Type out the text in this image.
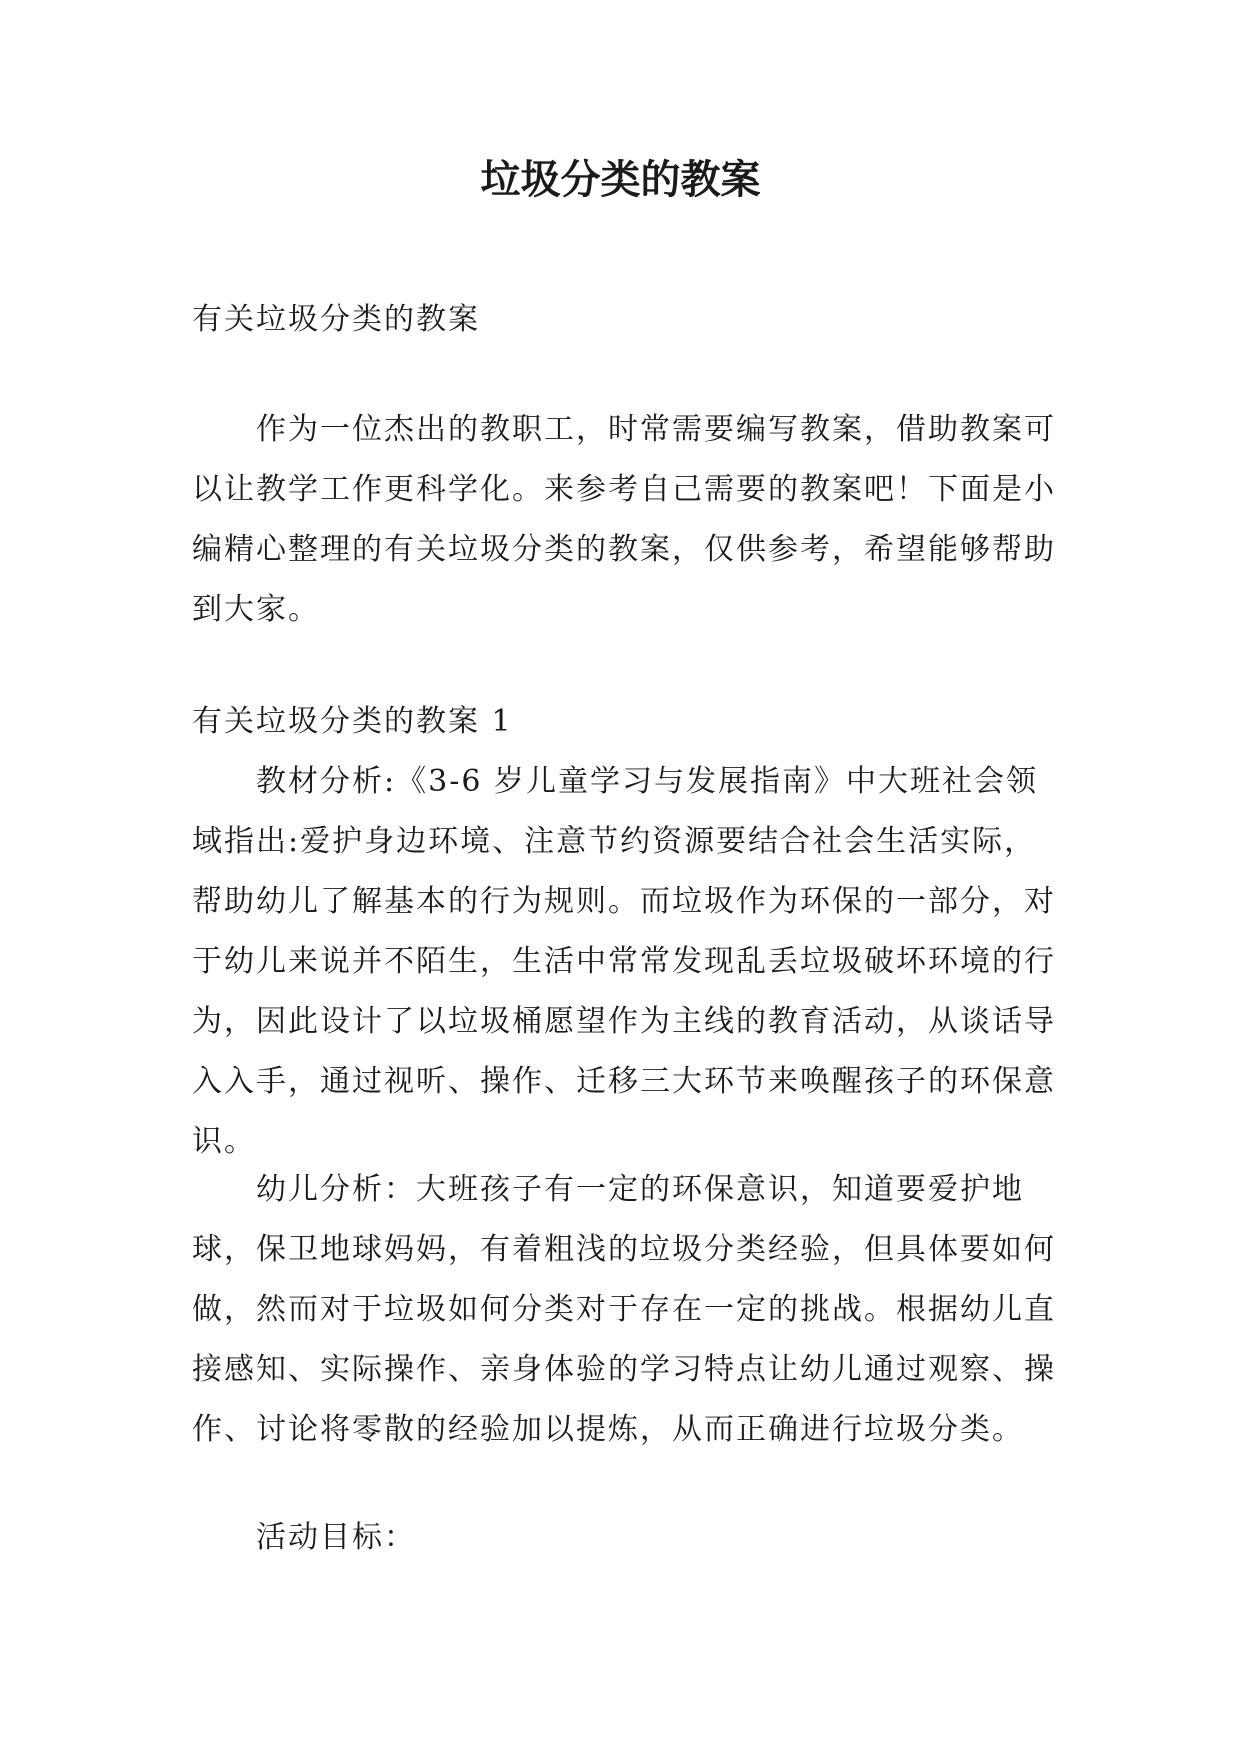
垃圾分类的教案

有关垃圾分类的教案

作为一位杰出的教职工，时常需要编写教案，借助教案可以让教学工作更科学化。来参考自己需要的教案吧！下面是小编精心整理的有关垃圾分类的教案，仅供参考，希望能够帮助到大家。

有关垃圾分类的教案 1

教材分析:《3-6 岁儿童学习与发展指南》中大班社会领域指出:爱护身边环境、注意节约资源要结合社会生活实际，帮助幼儿了解基本的行为规则。而垃圾作为环保的一部分，对于幼儿来说并不陌生，生活中常常发现乱丢垃圾破坏环境的行为，因此设计了以垃圾桶愿望作为主线的教育活动，从谈话导入入手，通过视听、操作、迁移三大环节来唤醒孩子的环保意识。

幼儿分析：大班孩子有一定的环保意识，知道要爱护地球，保卫地球妈妈，有着粗浅的垃圾分类经验，但具体要如何做，然而对于垃圾如何分类对于存在一定的挑战。根据幼儿直接感知、实际操作、亲身体验的学习特点让幼儿通过观察、操作、讨论将零散的经验加以提炼，从而正确进行垃圾分类。

活动目标：
